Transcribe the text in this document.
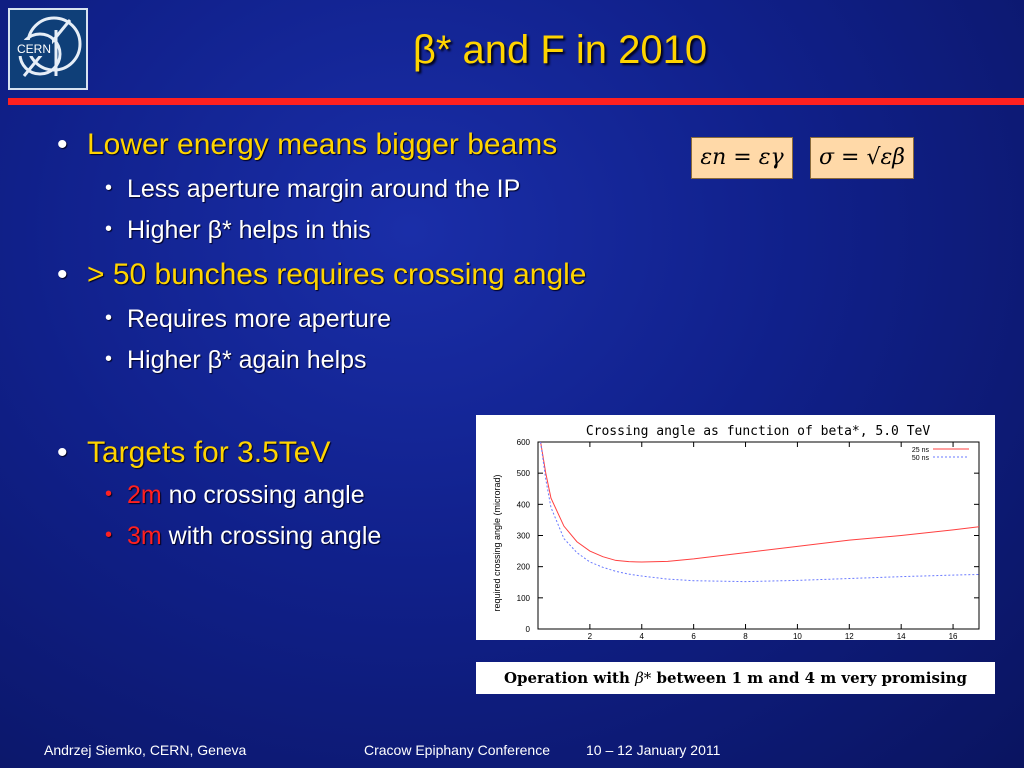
CERN	β* and F in 2010
• Lower energy means bigger beams
• Less aperture margin around the IP
• Higher β* helps in this
• > 50 bunches requires crossing angle
• Requires more aperture
• Higher β* again helps
• Targets for 3.5TeV
• 2m no crossing angle
• 3m with crossing angle
εn = εγ	σ = √εβ
Crossing angle as function of beta*, 5.0 TeV
required crossing angle (microrad)
0
100
200
300
400
500
600
2	4	6	8	10	12	14	16
25 ns
50 ns
Operation with β* between 1 m and 4 m very promising
Andrzej Siemko, CERN, Geneva	Cracow Epiphany Conference	10 – 12 January 2011
